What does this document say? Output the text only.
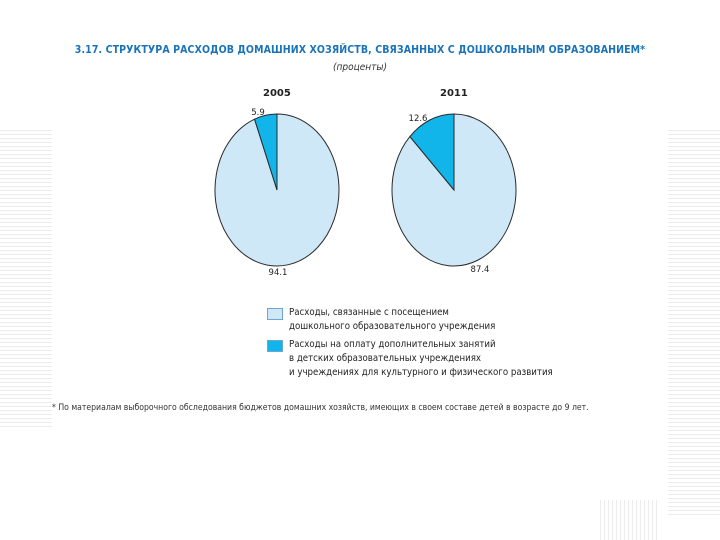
3.17. СТРУКТУРА РАСХОДОВ ДОМАШНИХ ХОЗЯЙСТВ, СВЯЗАННЫХ С ДОШКОЛЬНЫМ ОБРАЗОВАНИЕМ*
(проценты)
2005	2011
94.1
5.9
87.4
12.6
Расходы, связанные с посещением
дошкольного образовательного учреждения
Расходы на оплату дополнительных занятий
в детских образовательных учреждениях
и учреждениях для культурного и физического развития
* По материалам выборочного обследования бюджетов домашних хозяйств, имеющих в своем составе детей в возрасте до 9 лет.
